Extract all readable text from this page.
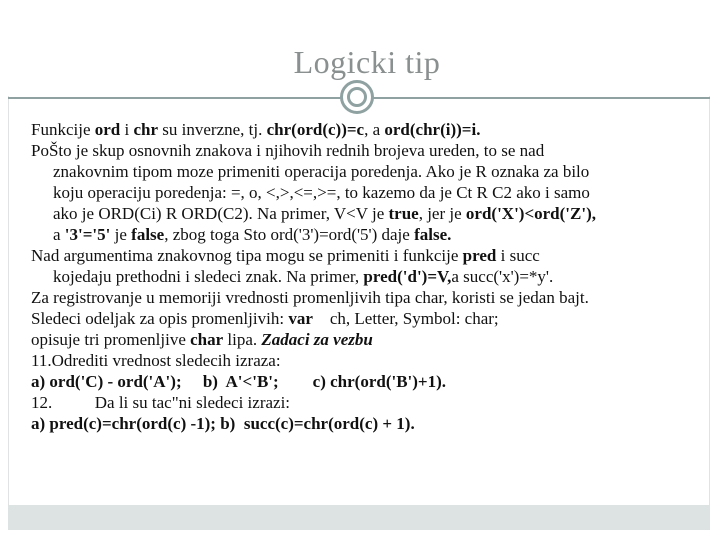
Logicki tip
Funkcije ord i chr su inverzne, tj. chr(ord(c))=c, a ord(chr(i))=i.
PoŠto je skup osnovnih znakova i njihovih rednih brojeva ureden, to se nad
znakovnim tipom moze primeniti operacija poredenja. Ako je R oznaka za bilo
koju operaciju poredenja: =, o, <,>,<=,>=, to kazemo da je Ct R C2 ako i samo
ako je ORD(Ci) R ORD(C2). Na primer, V<V je true, jer je ord('X')<ord('Z'),
a '3'='5' je false, zbog toga Sto ord('3')=ord('5') daje false.
Nad argumentima znakovnog tipa mogu se primeniti i funkcije pred i succ
kojedaju prethodni i sledeci znak. Na primer, pred('d')=V,a succ('x')=*y'.
Za registrovanje u memoriji vrednosti promenljivih tipa char, koristi se jedan bajt.
Sledeci odeljak za opis promenljivih: var    ch, Letter, Symbol: char;
opisuje tri promenljive char lipa. Zadaci za vezbu
11.Odrediti vrednost sledecih izraza:
a) ord('C) - ord('A');     b)  A'<'B';        c) chr(ord('B')+1).
12.          Da li su tac"ni sledeci izrazi:
a) pred(c)=chr(ord(c) -1); b)  succ(c)=chr(ord(c) + 1).
